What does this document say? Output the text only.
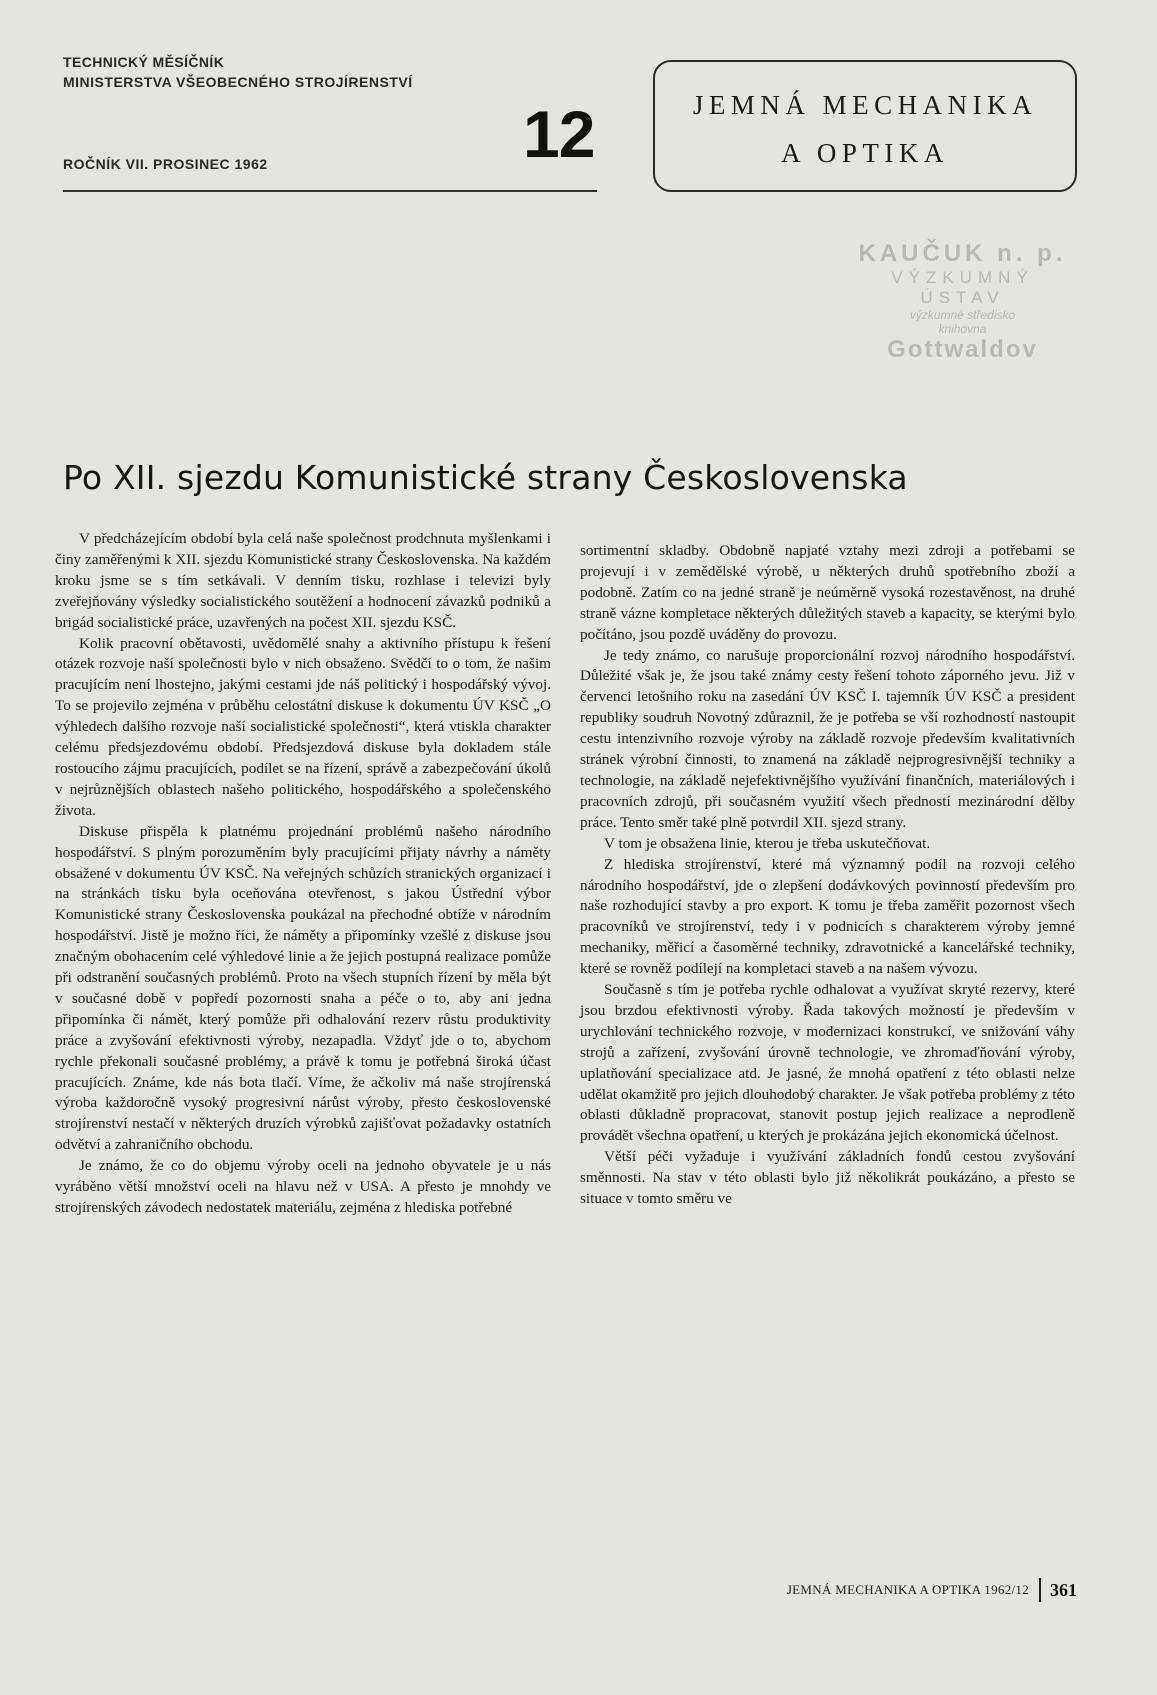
TECHNICKÝ MĚSÍČNÍK
MINISTERSTVA VŠEOBECNÉHO STROJÍRENSTVÍ
ROČNÍK VII. PROSINEC 1962	12	JEMNÁ MECHANIKA
A OPTIKA
KAUČUK n. p.
VÝZKUMNÝ ÚSTAV
výzkumné středisko
knihovna
Gottwaldov
Po XII. sjezdu Komunistické strany Československa

V předcházejícím období byla celá naše společnost prodchnuta myšlenkami i činy zaměřenými k XII. sjezdu Komunistické strany Československa. Na každém kroku jsme se s tím setkávali. V denním tisku, rozhlase i televizi byly zveřejňovány výsledky socialistického soutěžení a hodnocení závazků podniků a brigád socialistické práce, uzavřených na počest XII. sjezdu KSČ.

Kolik pracovní obětavosti, uvědomělé snahy a aktivního přístupu k řešení otázek rozvoje naší společnosti bylo v nich obsaženo. Svědčí to o tom, že našim pracujícím není lhostejno, jakými cestami jde náš politický i hospodářský vývoj. To se projevilo zejména v průběhu celostátní diskuse k dokumentu ÚV KSČ „O výhledech dalšího rozvoje naší socialistické společnosti“, která vtiskla charakter celému předsjezdovému období. Předsjezdová diskuse byla dokladem stále rostoucího zájmu pracujících, podílet se na řízení, správě a zabezpečování úkolů v nejrůznějších oblastech našeho politického, hospodářského a společenského života.

Diskuse přispěla k platnému projednání problémů našeho národního hospodářství. S plným porozuměním byly pracujícími přijaty návrhy a náměty obsažené v dokumentu ÚV KSČ. Na veřejných schůzích stranických organizací i na stránkách tisku byla oceňována otevřenost, s jakou Ústřední výbor Komunistické strany Československa poukázal na přechodné obtíže v národním hospodářství. Jistě je možno říci, že náměty a připomínky vzešlé z diskuse jsou značným obohacením celé výhledové linie a že jejich postupná realizace pomůže při odstranění současných problémů. Proto na všech stupních řízení by měla být v současné době v popředí pozornosti snaha a péče o to, aby ani jedna připomínka či námět, který pomůže při odhalování rezerv růstu produktivity práce a zvyšování efektivnosti výroby, nezapadla. Vždyť jde o to, abychom rychle překonali současné problémy, a právě k tomu je potřebná široká účast pracujících. Známe, kde nás bota tlačí. Víme, že ačkoliv má naše strojírenská výroba každoročně vysoký progresivní nárůst výroby, přesto československé strojírenství nestačí v některých druzích výrobků zajišťovat požadavky ostatních odvětví a zahraničního obchodu.

Je známo, že co do objemu výroby oceli na jednoho obyvatele je u nás vyráběno větší množství oceli na hlavu než v USA. A přesto je mnohdy ve strojírenských závodech nedostatek materiálu, zejména z hlediska potřebné

sortimentní skladby. Obdobně napjaté vztahy mezi zdroji a potřebami se projevují i v zemědělské výrobě, u některých druhů spotřebního zboží a podobně. Zatím co na jedné straně je neúměrně vysoká rozestavěnost, na druhé straně vázne kompletace některých důležitých staveb a kapacity, se kterými bylo počítáno, jsou pozdě uváděny do provozu.

Je tedy známo, co narušuje proporcionální rozvoj národního hospodářství. Důležité však je, že jsou také známy cesty řešení tohoto záporného jevu. Již v červenci letošního roku na zasedání ÚV KSČ I. tajemník ÚV KSČ a president republiky soudruh Novotný zdůraznil, že je potřeba se vší rozhodností nastoupit cestu intenzivního rozvoje výroby na základě rozvoje především kvalitativních stránek výrobní činnosti, to znamená na základě nejprogresivnější techniky a technologie, na základě nejefektivnějšího využívání finančních, materiálových i pracovních zdrojů, při současném využití všech předností mezinárodní dělby práce. Tento směr také plně potvrdil XII. sjezd strany.

V tom je obsažena linie, kterou je třeba uskutečňovat.

Z hlediska strojírenství, které má významný podíl na rozvoji celého národního hospodářství, jde o zlepšení dodávkových povinností především pro naše rozhodující stavby a pro export. K tomu je třeba zaměřit pozornost všech pracovníků ve strojírenství, tedy i v podnicích s charakterem výroby jemné mechaniky, měřicí a časoměrné techniky, zdravotnické a kancelářské techniky, které se rovněž podílejí na kompletaci staveb a na našem vývozu.

Současně s tím je potřeba rychle odhalovat a využívat skryté rezervy, které jsou brzdou efektivnosti výroby. Řada takových možností je především v urychlování technického rozvoje, v modernizaci konstrukcí, ve snižování váhy strojů a zařízení, zvyšování úrovně technologie, ve zhromaďňování výroby, uplatňování specializace atd. Je jasné, že mnohá opatření z této oblasti nelze udělat okamžitě pro jejich dlouhodobý charakter. Je však potřeba problémy z této oblasti důkladně propracovat, stanovit postup jejich realizace a neprodleně provádět všechna opatření, u kterých je prokázána jejich ekonomická účelnost.

Větší péči vyžaduje i využívání základních fondů cestou zvyšování směnnosti. Na stav v této oblasti bylo již několikrát poukázáno, a přesto se situace v tomto směru ve

JEMNÁ MECHANIKA A OPTIKA 1962/12 361
